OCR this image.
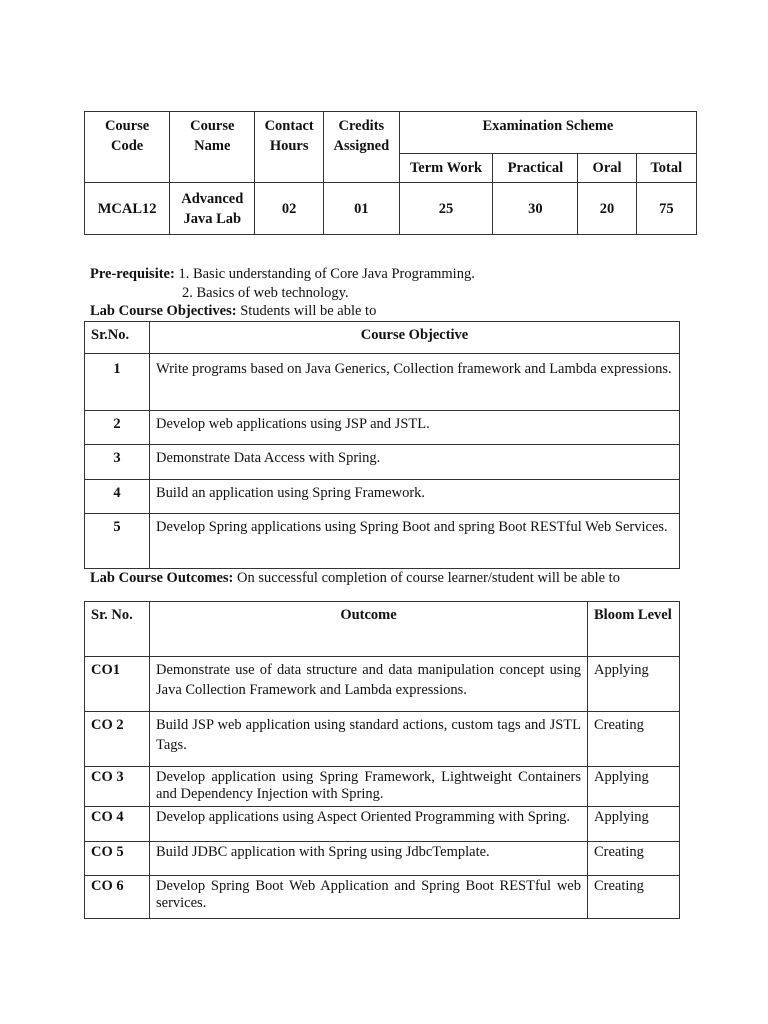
Course Code	Course Name	Contact Hours	Credits Assigned	Examination Scheme			
				Term Work	Practical	Oral	Total
MCAL12	Advanced Java Lab	02	01	25	30	20	75
Pre-requisite: 1. Basic understanding of Core Java Programming.
2. Basics of web technology.
Lab Course Objectives: Students will be able to
Sr.No.	Course Objective
1	Write programs based on Java Generics, Collection framework and Lambda expressions.
2	Develop web applications using JSP and JSTL.
3	Demonstrate Data Access with Spring.
4	Build an application using Spring Framework.
5	Develop Spring applications using Spring Boot and spring Boot RESTful Web Services.
Lab Course Outcomes: On successful completion of course learner/student will be able to
Sr. No.	Outcome	Bloom Level
CO1	Demonstrate use of data structure and data manipulation concept using Java Collection Framework and Lambda expressions.	Applying
CO 2	Build JSP web application using standard actions, custom tags and JSTL Tags.	Creating
CO 3	Develop application using Spring Framework, Lightweight Containers and Dependency Injection with Spring.	Applying
CO 4	Develop applications using Aspect Oriented Programming with Spring.	Applying
CO 5	Build JDBC application with Spring using JdbcTemplate.	Creating
CO 6	Develop Spring Boot Web Application and Spring Boot RESTful web services.	Creating
